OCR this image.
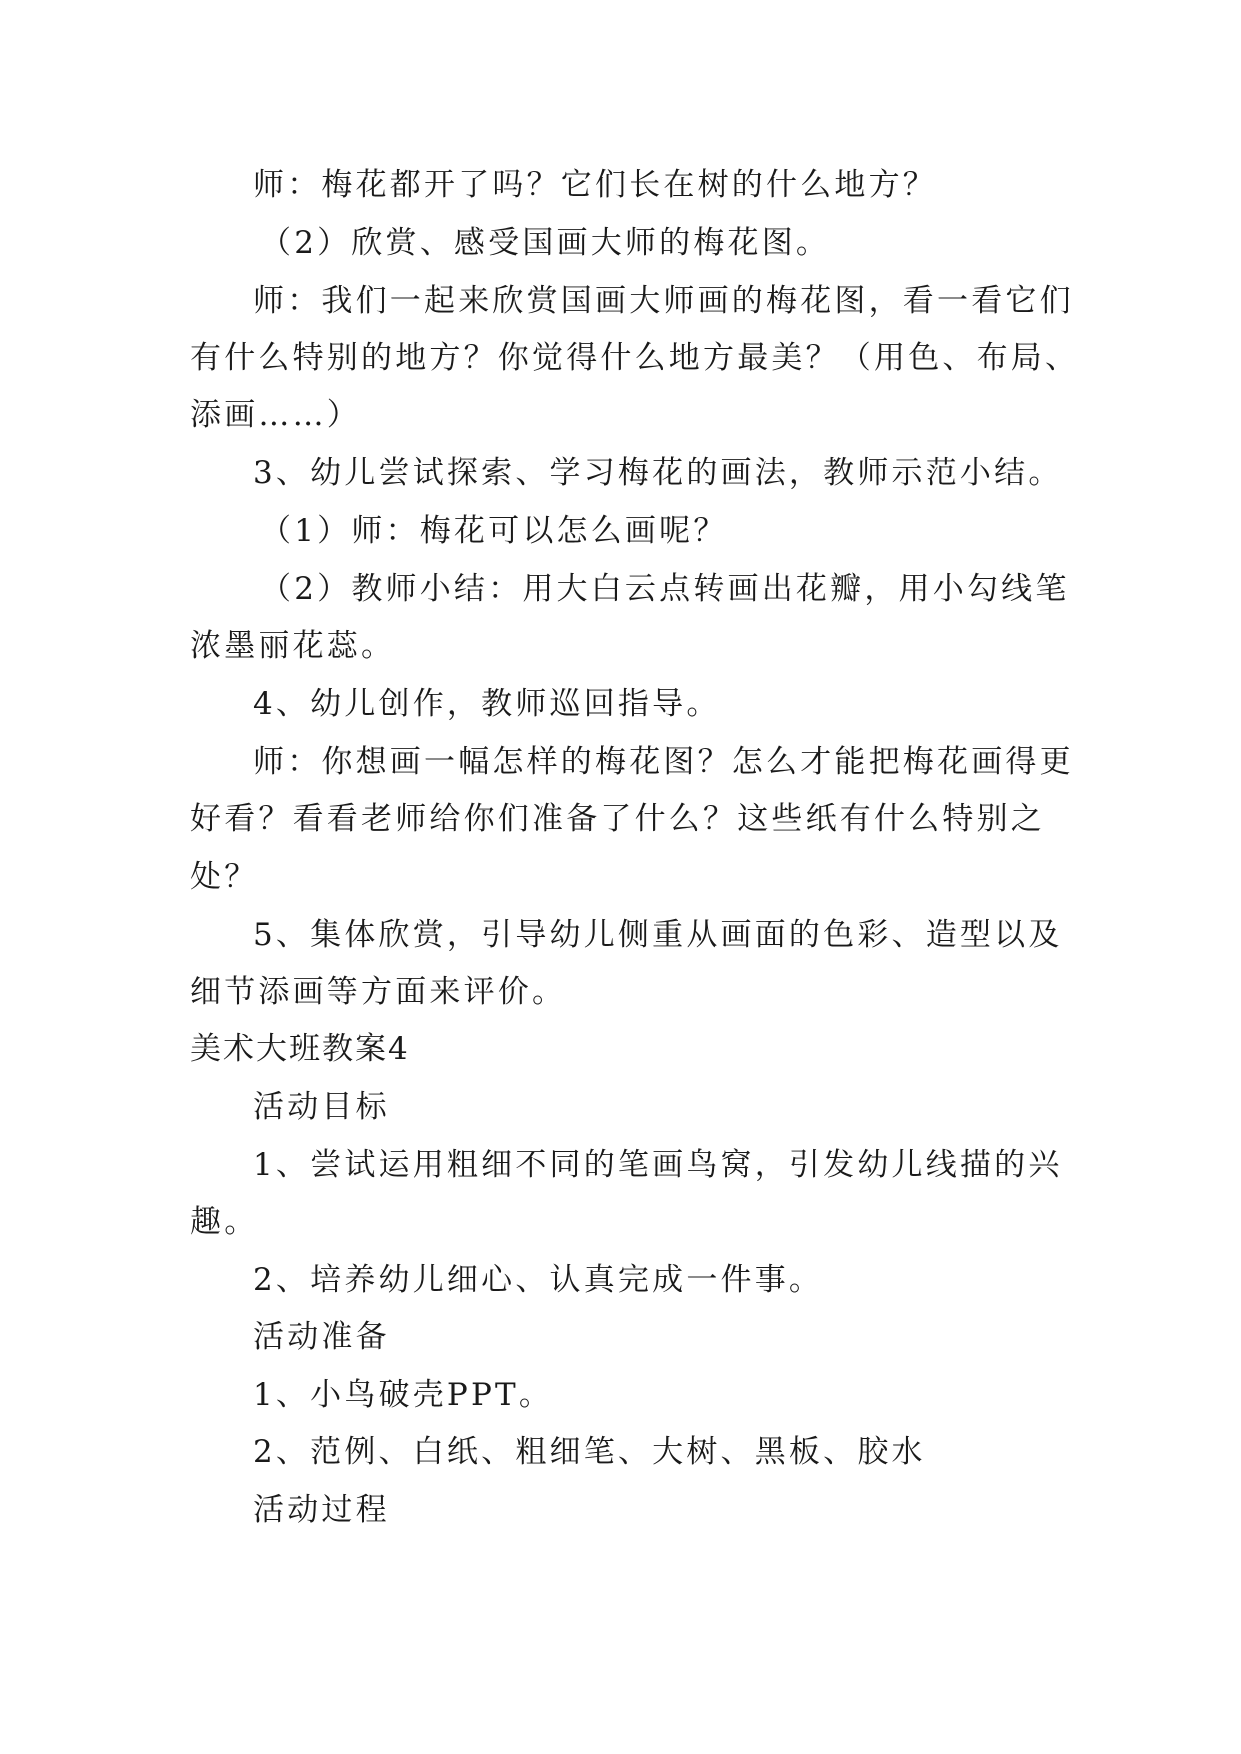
师：梅花都开了吗？它们长在树的什么地方？
（2）欣赏、感受国画大师的梅花图。
师：我们一起来欣赏国画大师画的梅花图，看一看它们
有什么特别的地方？你觉得什么地方最美？（用色、布局、
添画……）
3、幼儿尝试探索、学习梅花的画法，教师示范小结。
（1）师：梅花可以怎么画呢？
（2）教师小结：用大白云点转画出花瓣，用小勾线笔
浓墨丽花蕊。
4、幼儿创作，教师巡回指导。
师：你想画一幅怎样的梅花图？怎么才能把梅花画得更
好看？看看老师给你们准备了什么？这些纸有什么特别之
处？
5、集体欣赏，引导幼儿侧重从画面的色彩、造型以及
细节添画等方面来评价。
美术大班教案4
活动目标
1、尝试运用粗细不同的笔画鸟窝，引发幼儿线描的兴
趣。
2、培养幼儿细心、认真完成一件事。
活动准备
1、小鸟破壳PPT。
2、范例、白纸、粗细笔、大树、黑板、胶水
活动过程
